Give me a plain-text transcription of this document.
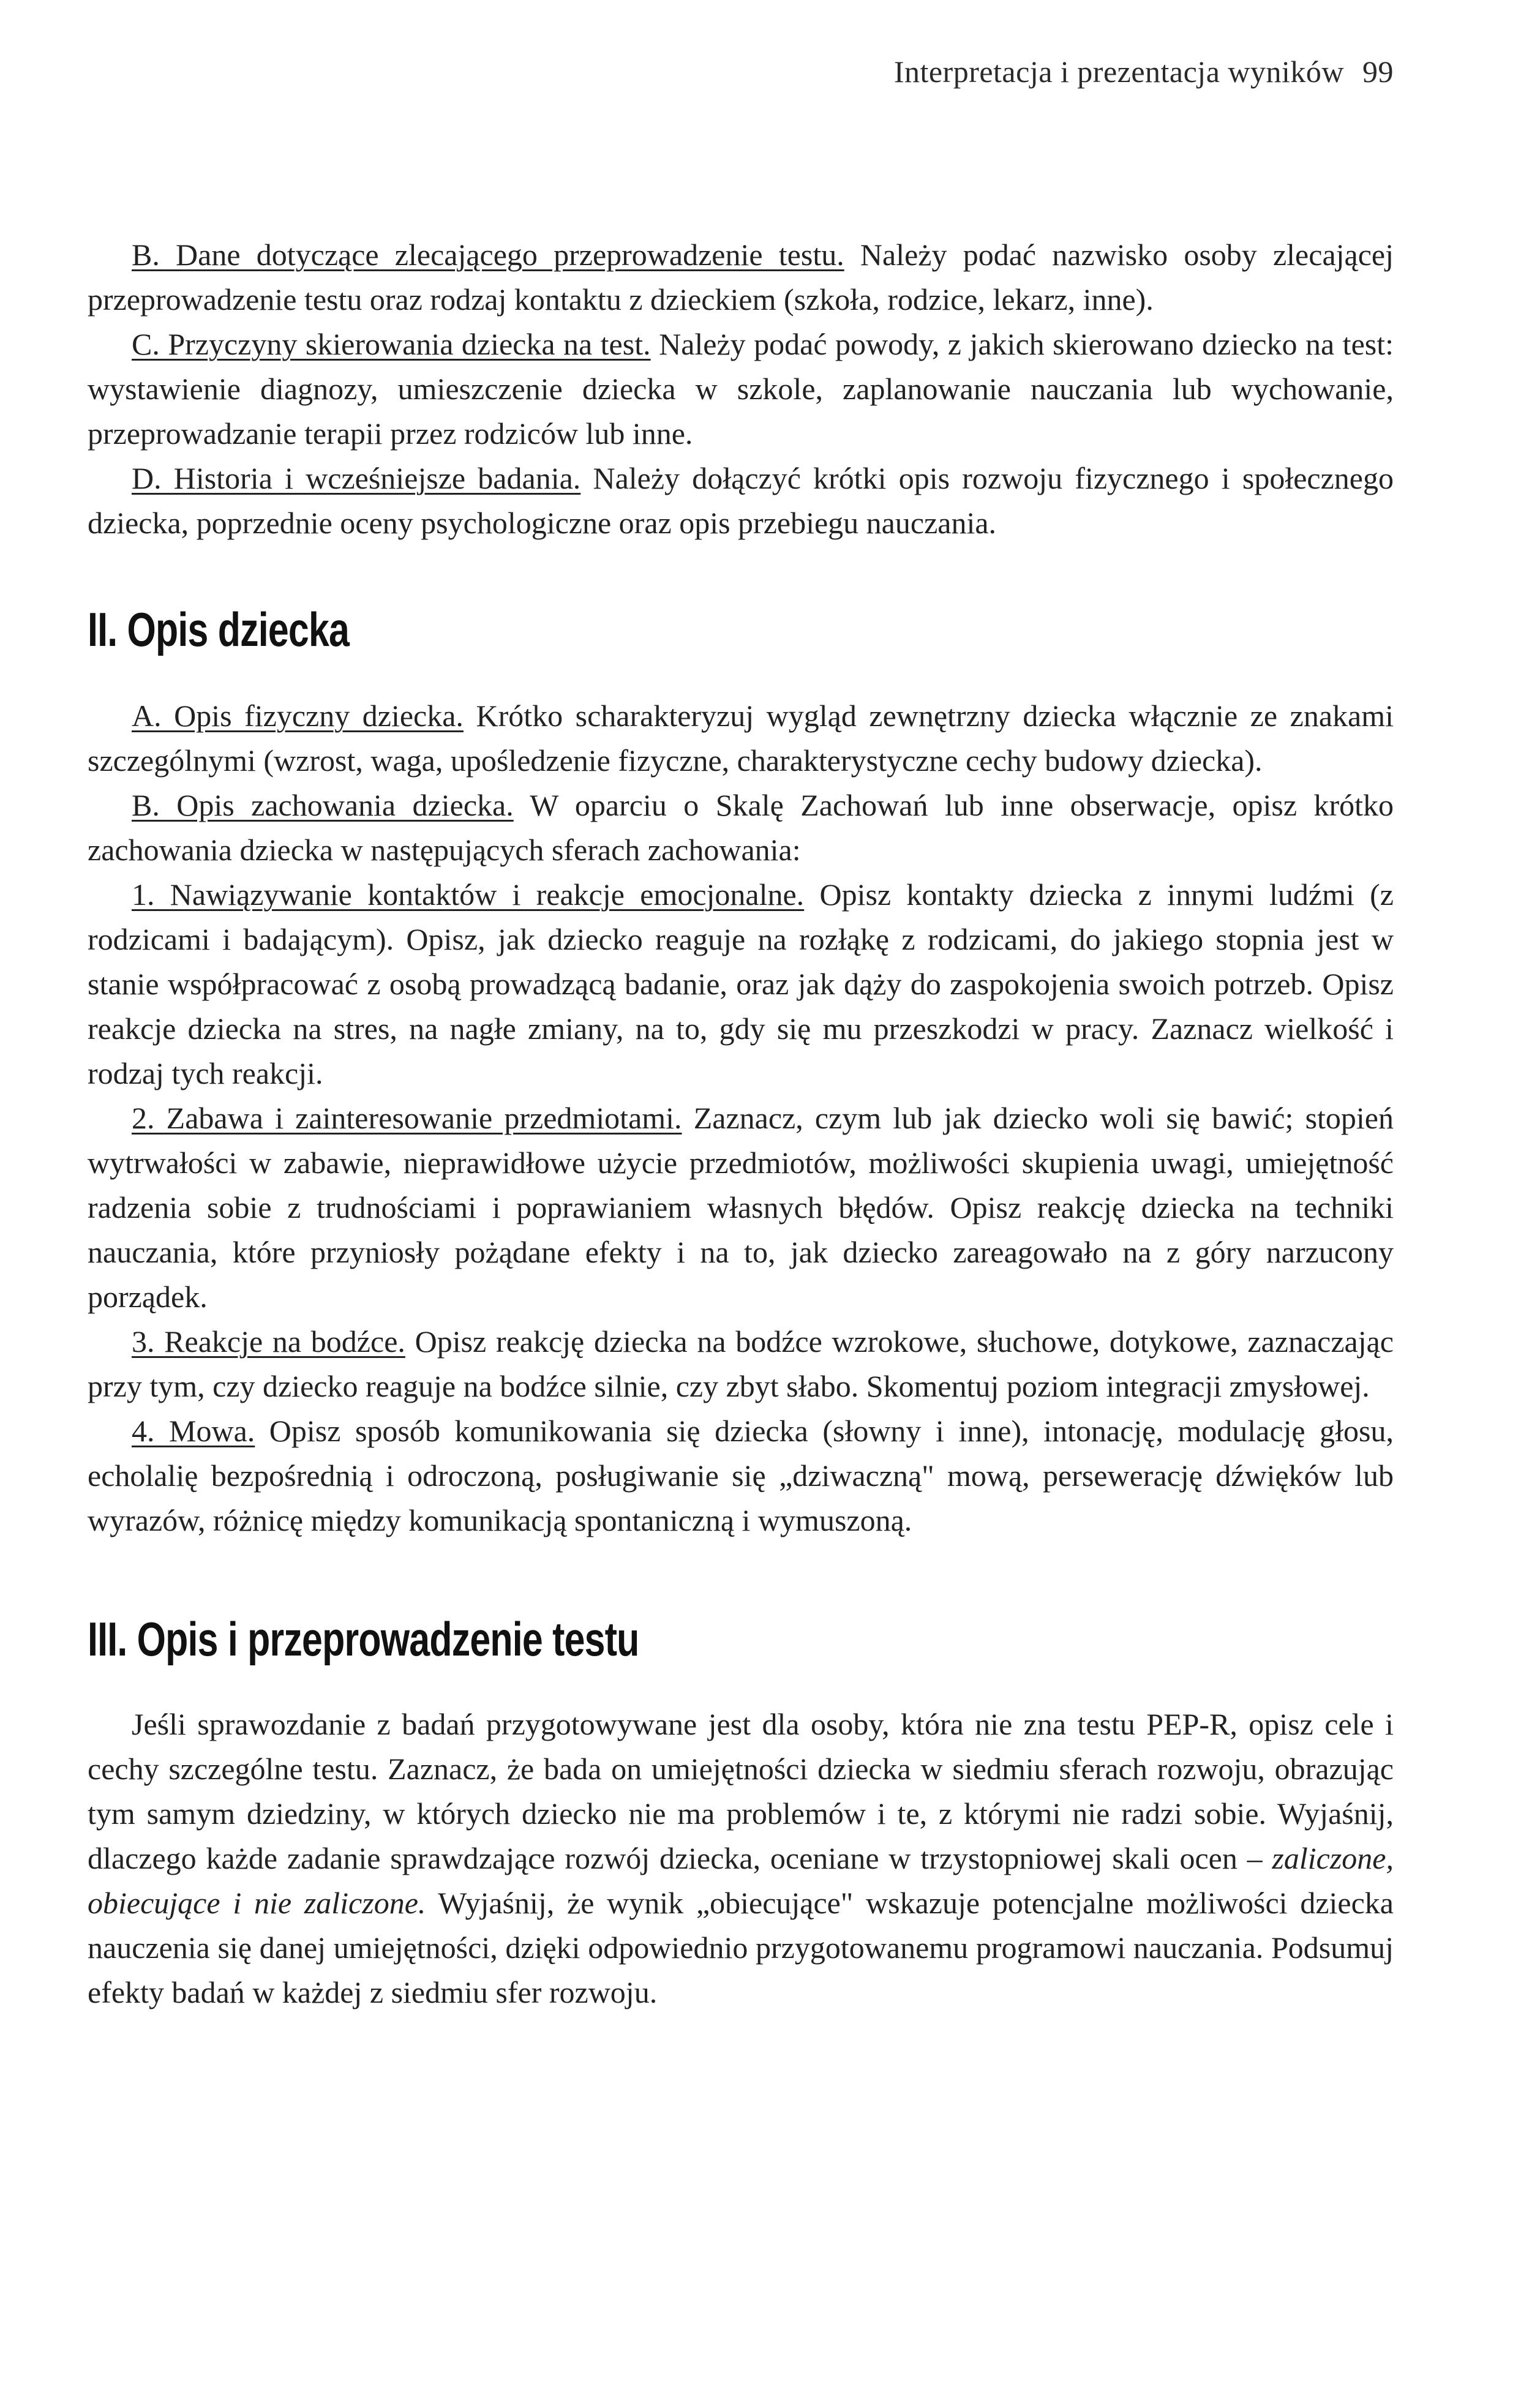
Interpretacja i prezentacja wyników 99

B. Dane dotyczące zlecającego przeprowadzenie testu. Należy podać nazwisko osoby zlecającej przeprowadzenie testu oraz rodzaj kontaktu z dzieckiem (szkoła, rodzice, lekarz, inne).

C. Przyczyny skierowania dziecka na test. Należy podać powody, z jakich skierowano dziecko na test: wystawienie diagnozy, umieszczenie dziecka w szkole, zaplanowanie nauczania lub wychowanie, przeprowadzanie terapii przez rodziców lub inne.

D. Historia i wcześniejsze badania. Należy dołączyć krótki opis rozwoju fizycznego i społecznego dziecka, poprzednie oceny psychologiczne oraz opis przebiegu nauczania.

II. Opis dziecka

A. Opis fizyczny dziecka. Krótko scharakteryzuj wygląd zewnętrzny dziecka włącznie ze znakami szczególnymi (wzrost, waga, upośledzenie fizyczne, charakterystyczne cechy budowy dziecka).

B. Opis zachowania dziecka. W oparciu o Skalę Zachowań lub inne obserwacje, opisz krótko zachowania dziecka w następujących sferach zachowania:

1. Nawiązywanie kontaktów i reakcje emocjonalne. Opisz kontakty dziecka z innymi ludźmi (z rodzicami i badającym). Opisz, jak dziecko reaguje na rozłąkę z rodzicami, do jakiego stopnia jest w stanie współpracować z osobą prowadzącą badanie, oraz jak dąży do zaspokojenia swoich potrzeb. Opisz reakcje dziecka na stres, na nagłe zmiany, na to, gdy się mu przeszkodzi w pracy. Zaznacz wielkość i rodzaj tych reakcji.

2. Zabawa i zainteresowanie przedmiotami. Zaznacz, czym lub jak dziecko woli się bawić; stopień wytrwałości w zabawie, nieprawidłowe użycie przedmiotów, możliwości skupienia uwagi, umiejętność radzenia sobie z trudnościami i poprawianiem własnych błędów. Opisz reakcję dziecka na techniki nauczania, które przyniosły pożądane efekty i na to, jak dziecko zareagowało na z góry narzucony porządek.

3. Reakcje na bodźce. Opisz reakcję dziecka na bodźce wzrokowe, słuchowe, dotykowe, zaznaczając przy tym, czy dziecko reaguje na bodźce silnie, czy zbyt słabo. Skomentuj poziom integracji zmysłowej.

4. Mowa. Opisz sposób komunikowania się dziecka (słowny i inne), intonację, modulację głosu, echolalię bezpośrednią i odroczoną, posługiwanie się „dziwaczną" mową, persewerację dźwięków lub wyrazów, różnicę między komunikacją spontaniczną i wymuszoną.

III. Opis i przeprowadzenie testu

Jeśli sprawozdanie z badań przygotowywane jest dla osoby, która nie zna testu PEP-R, opisz cele i cechy szczególne testu. Zaznacz, że bada on umiejętności dziecka w siedmiu sferach rozwoju, obrazując tym samym dziedziny, w których dziecko nie ma problemów i te, z którymi nie radzi sobie. Wyjaśnij, dlaczego każde zadanie sprawdzające rozwój dziecka, oceniane w trzystopniowej skali ocen – zaliczone, obiecujące i nie zaliczone. Wyjaśnij, że wynik „obiecujące" wskazuje potencjalne możliwości dziecka nauczenia się danej umiejętności, dzięki odpowiednio przygotowanemu programowi nauczania. Podsumuj efekty badań w każdej z siedmiu sfer rozwoju.
